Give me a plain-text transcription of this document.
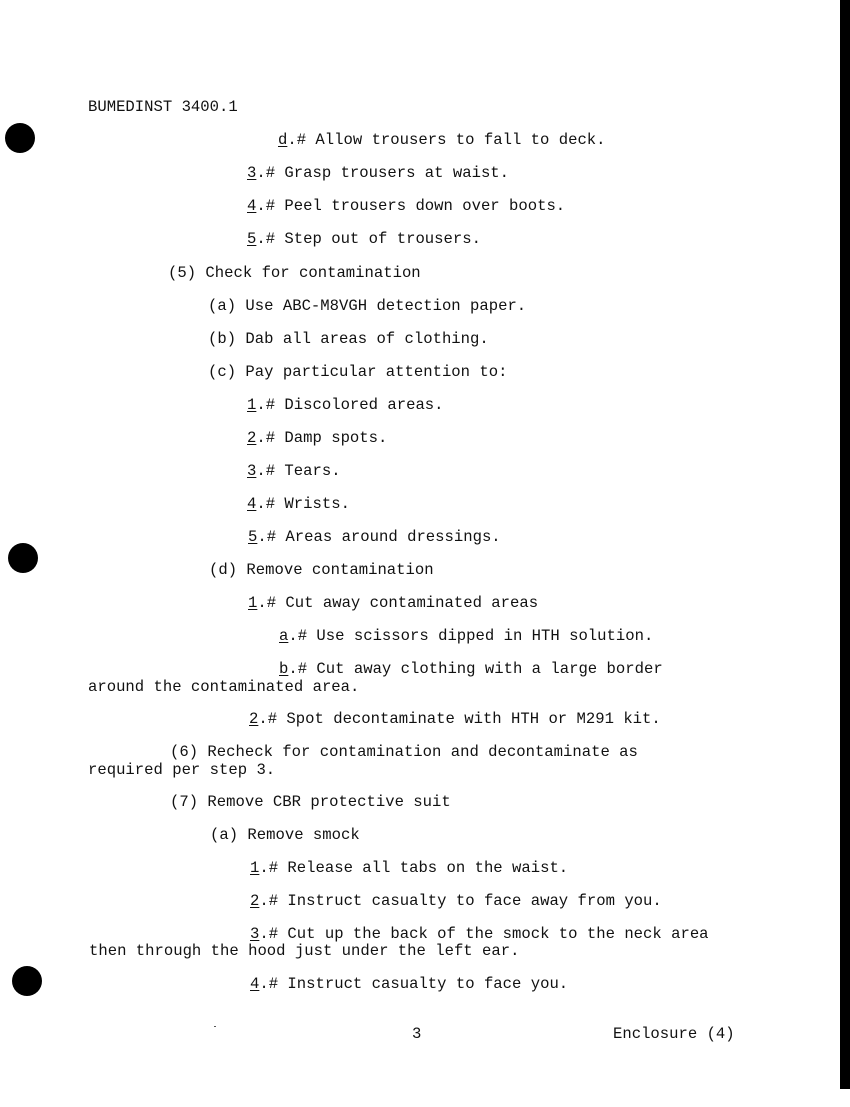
BUMEDINST 3400.1
d.# Allow trousers to fall to deck.
3.# Grasp trousers at waist.
4.# Peel trousers down over boots.
5.# Step out of trousers.
(5) Check for contamination
(a) Use ABC-M8VGH detection paper.
(b) Dab all areas of clothing.
(c) Pay particular attention to:
1.# Discolored areas.
2.# Damp spots.
3.# Tears.
4.# Wrists.
5.# Areas around dressings.
(d) Remove contamination
1.# Cut away contaminated areas
a.# Use scissors dipped in HTH solution.
b.# Cut away clothing with a large border
around the contaminated area.
2.# Spot decontaminate with HTH or M291 kit.
(6) Recheck for contamination and decontaminate as
required per step 3.
(7) Remove CBR protective suit
(a) Remove smock
1.# Release all tabs on the waist.
2.# Instruct casualty to face away from you.
3.# Cut up the back of the smock to the neck area
then through the hood just under the left ear.
4.# Instruct casualty to face you.
3	Enclosure (4)
